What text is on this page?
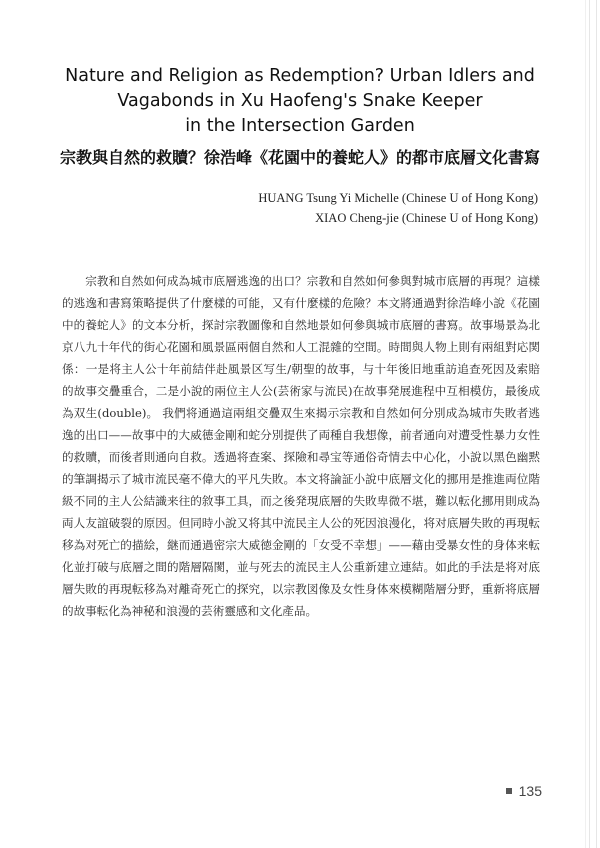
Nature and Religion as Redemption? Urban Idlers and
Vagabonds in Xu Haofeng's Snake Keeper
in the Intersection Garden
宗教與自然的救贖？徐浩峰《花園中的養蛇人》的都市底層文化書寫
HUANG Tsung Yi Michelle (Chinese U of Hong Kong)
XIAO Cheng-jie (Chinese U of Hong Kong)

宗教和自然如何成為城市底層逃逸的出口？宗教和自然如何參與對城市底層的再現？這樣的逃逸和書寫策略提供了什麼樣的可能，又有什麼樣的危險？本文將通過對徐浩峰小說《花園中的養蛇人》的文本分析，探討宗教圖像和自然地景如何參與城市底層的書寫。故事場景為北京八九十年代的街心花園和風景區兩個自然和人工混雜的空間。時間與人物上則有兩組對応関係：一是将主人公十年前結伴赴風景区写生/朝聖的故事，与十年後旧地重訪追查死因及索賠的故事交疊重合，二是小說的兩位主人公(芸術家与流民)在故事発展進程中互相模仿，最後成為双生(double)。 我們将通過這兩組交疊双生來揭示宗教和自然如何分別成為城市失敗者逃逸的出口——故事中的大威德金剛和蛇分別提供了両種自我想像，前者通向对遭受性暴力女性的救贖，而後者則通向自救。透過将查案、探險和尋宝等通俗奇情去中心化，小說以黑色幽黙的筆調揭示了城市流民毫不偉大的平凡失敗。本文将論証小說中底層文化的挪用是推進両位階級不同的主人公結識来往的敘事工具，而之後発現底層的失敗卑微不堪，難以転化挪用則成為両人友誼破裂的原因。但同時小說又将其中流民主人公的死因浪漫化，将对底層失敗的再現転移為对死亡的描絵，継而通過密宗大威徳金剛的「女受不幸想」——藉由受暴女性的身体来転化並打破与底層之間的階層隔閡，並与死去的流民主人公重新建立連結。如此的手法是将对底層失敗的再現転移為对離奇死亡的探究，以宗教図像及女性身体來模糊階層分野，重新将底層的故事転化為神秘和浪漫的芸術靈感和文化產品。

135
